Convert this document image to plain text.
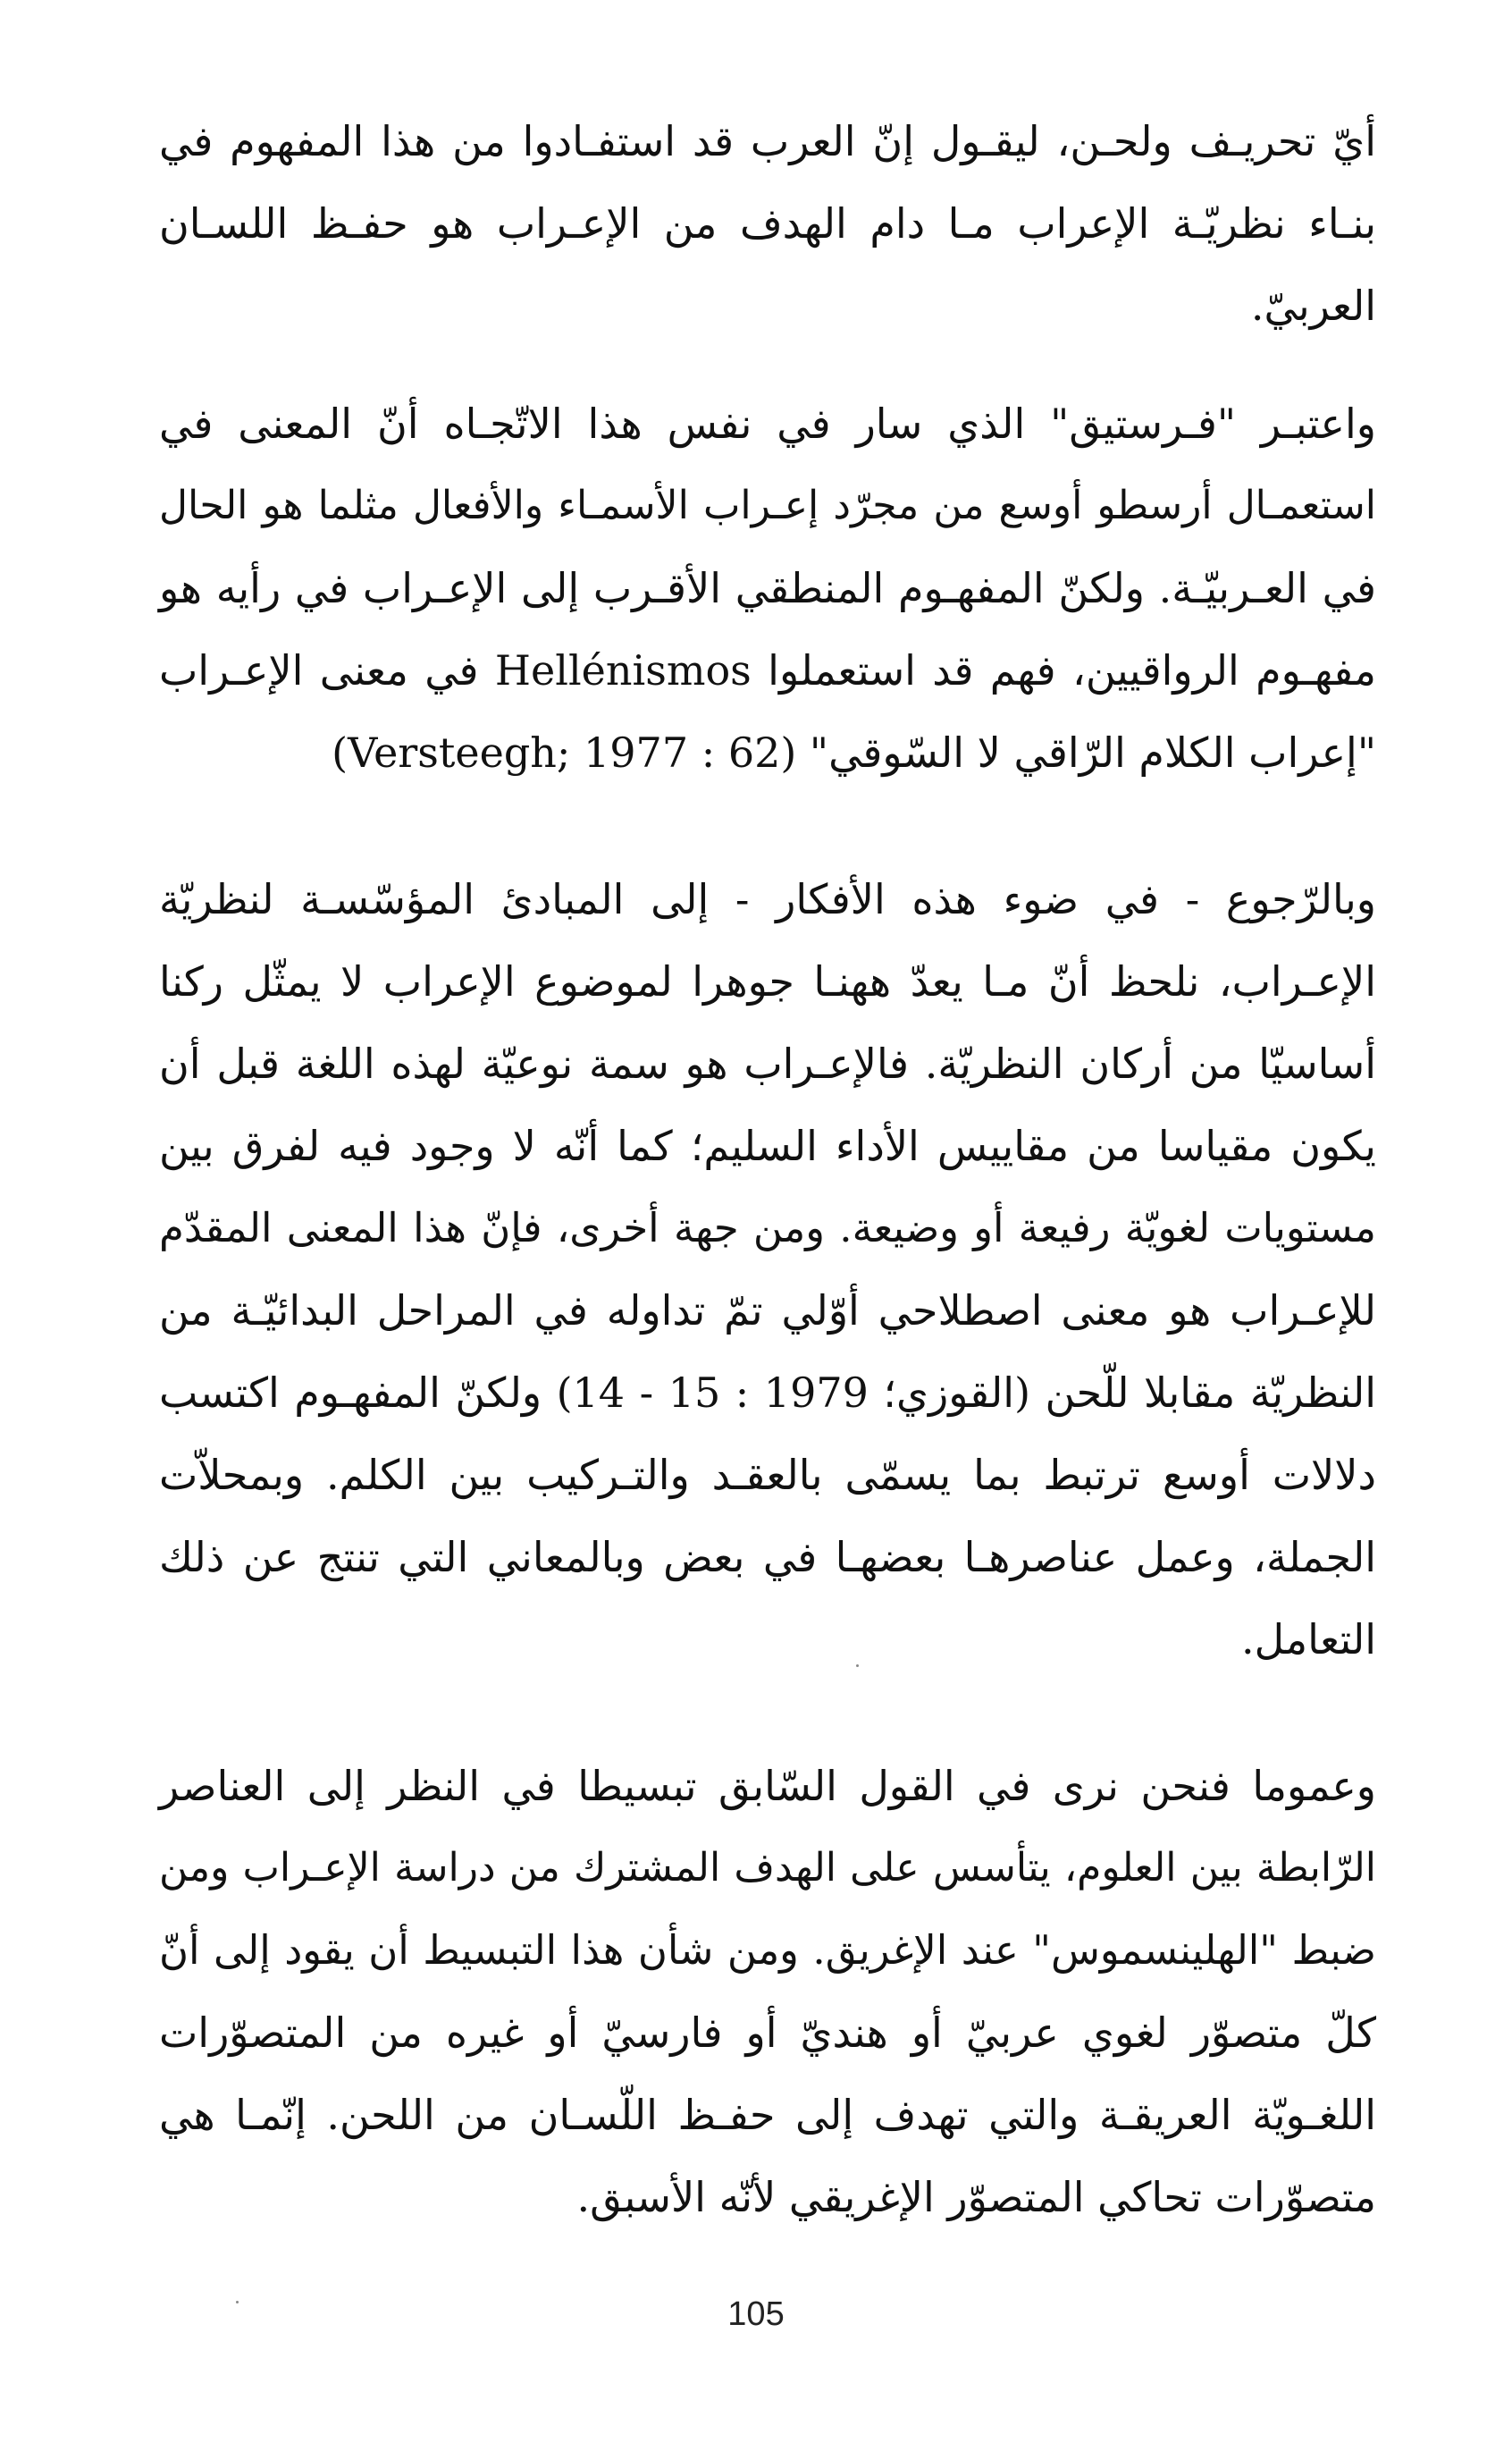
أيّ تحريـف ولحـن، ليقـول إنّ العرب قد استفـادوا من هذا المفهوم في
بنـاء نظريّـة الإعراب مـا دام الهدف من الإعـراب هو حفـظ اللسـان
العربيّ.
واعتبـر "فـرستيق" الذي سار في نفس هذا الاتّجـاه أنّ المعنى في
استعمـال أرسطو أوسع من مجرّد إعـراب الأسمـاء والأفعال مثلما هو الحال
في العـربيّـة. ولكنّ المفهـوم المنطقي الأقـرب إلى الإعـراب في رأيه هو
مفهـوم الرواقيين، فهم قد استعملوا Hellénismos في معنى الإعـراب
"إعراب الكلام الرّاقي لا السّوقي" (Versteegh; 1977 : 62)
وبالرّجوع - في ضوء هذه الأفكار - إلى المبادئ المؤسّسـة لنظريّة
الإعـراب، نلحظ أنّ مـا يعدّ ههنـا جوهرا لموضوع الإعراب لا يمثّل ركنا
أساسيّا من أركان النظريّة. فالإعـراب هو سمة نوعيّة لهذه اللغة قبل أن
يكون مقياسا من مقاييس الأداء السليم؛ كما أنّه لا وجود فيه لفرق بين
مستويات لغويّة رفيعة أو وضيعة. ومن جهة أخرى، فإنّ هذا المعنى المقدّم
للإعـراب هو معنى اصطلاحي أوّلي تمّ تداوله في المراحل البدائيّـة من
النظريّة مقابلا للّحن (القوزي؛ 1979 : 15 - 14) ولكنّ المفهـوم اكتسب
دلالات أوسع ترتبط بما يسمّى بالعقـد والتـركيب بين الكلم. وبمحلاّت
الجملة، وعمل عناصرهـا بعضهـا في بعض وبالمعاني التي تنتج عن ذلك
التعامل.
وعموما فنحن نرى في القول السّابق تبسيطا في النظر إلى العناصر
الرّابطة بين العلوم، يتأسس على الهدف المشترك من دراسة الإعـراب ومن
ضبط "الهلينسموس" عند الإغريق. ومن شأن هذا التبسيط أن يقود إلى أنّ
كلّ متصوّر لغوي عربيّ أو هنديّ أو فارسيّ أو غيره من المتصوّرات
اللغـويّة العريقـة والتي تهدف إلى حفـظ اللّسـان من اللحن. إنّمـا هي
متصوّرات تحاكي المتصوّر الإغريقي لأنّه الأسبق.
105
